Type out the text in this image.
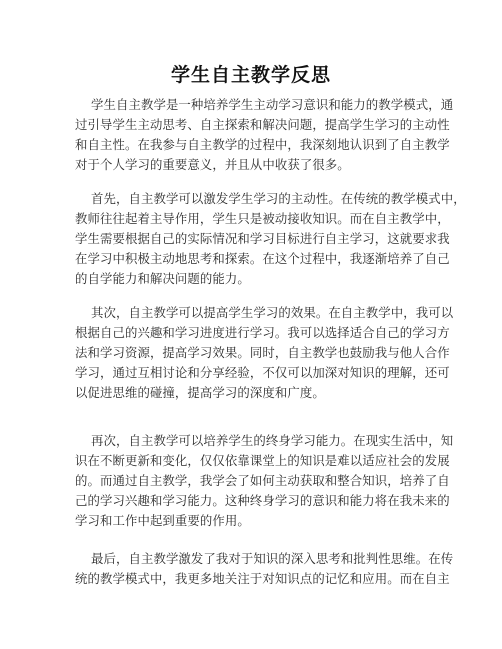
学生自主教学反思
学生自主教学是一种培养学生主动学习意识和能力的教学模式，通
过引导学生主动思考、自主探索和解决问题，提高学生学习的主动性
和自主性。在我参与自主教学的过程中，我深刻地认识到了自主教学
对于个人学习的重要意义，并且从中收获了很多。
首先，自主教学可以激发学生学习的主动性。在传统的教学模式中，
教师往往起着主导作用，学生只是被动接收知识。而在自主教学中，
学生需要根据自己的实际情况和学习目标进行自主学习，这就要求我
在学习中积极主动地思考和探索。在这个过程中，我逐渐培养了自己
的自学能力和解决问题的能力。
其次，自主教学可以提高学生学习的效果。在自主教学中，我可以
根据自己的兴趣和学习进度进行学习。我可以选择适合自己的学习方
法和学习资源，提高学习效果。同时，自主教学也鼓励我与他人合作
学习，通过互相讨论和分享经验，不仅可以加深对知识的理解，还可
以促进思维的碰撞，提高学习的深度和广度。
再次，自主教学可以培养学生的终身学习能力。在现实生活中，知
识在不断更新和变化，仅仅依靠课堂上的知识是难以适应社会的发展
的。而通过自主教学，我学会了如何主动获取和整合知识，培养了自
己的学习兴趣和学习能力。这种终身学习的意识和能力将在我未来的
学习和工作中起到重要的作用。
最后，自主教学激发了我对于知识的深入思考和批判性思维。在传
统的教学模式中，我更多地关注于对知识点的记忆和应用。而在自主
